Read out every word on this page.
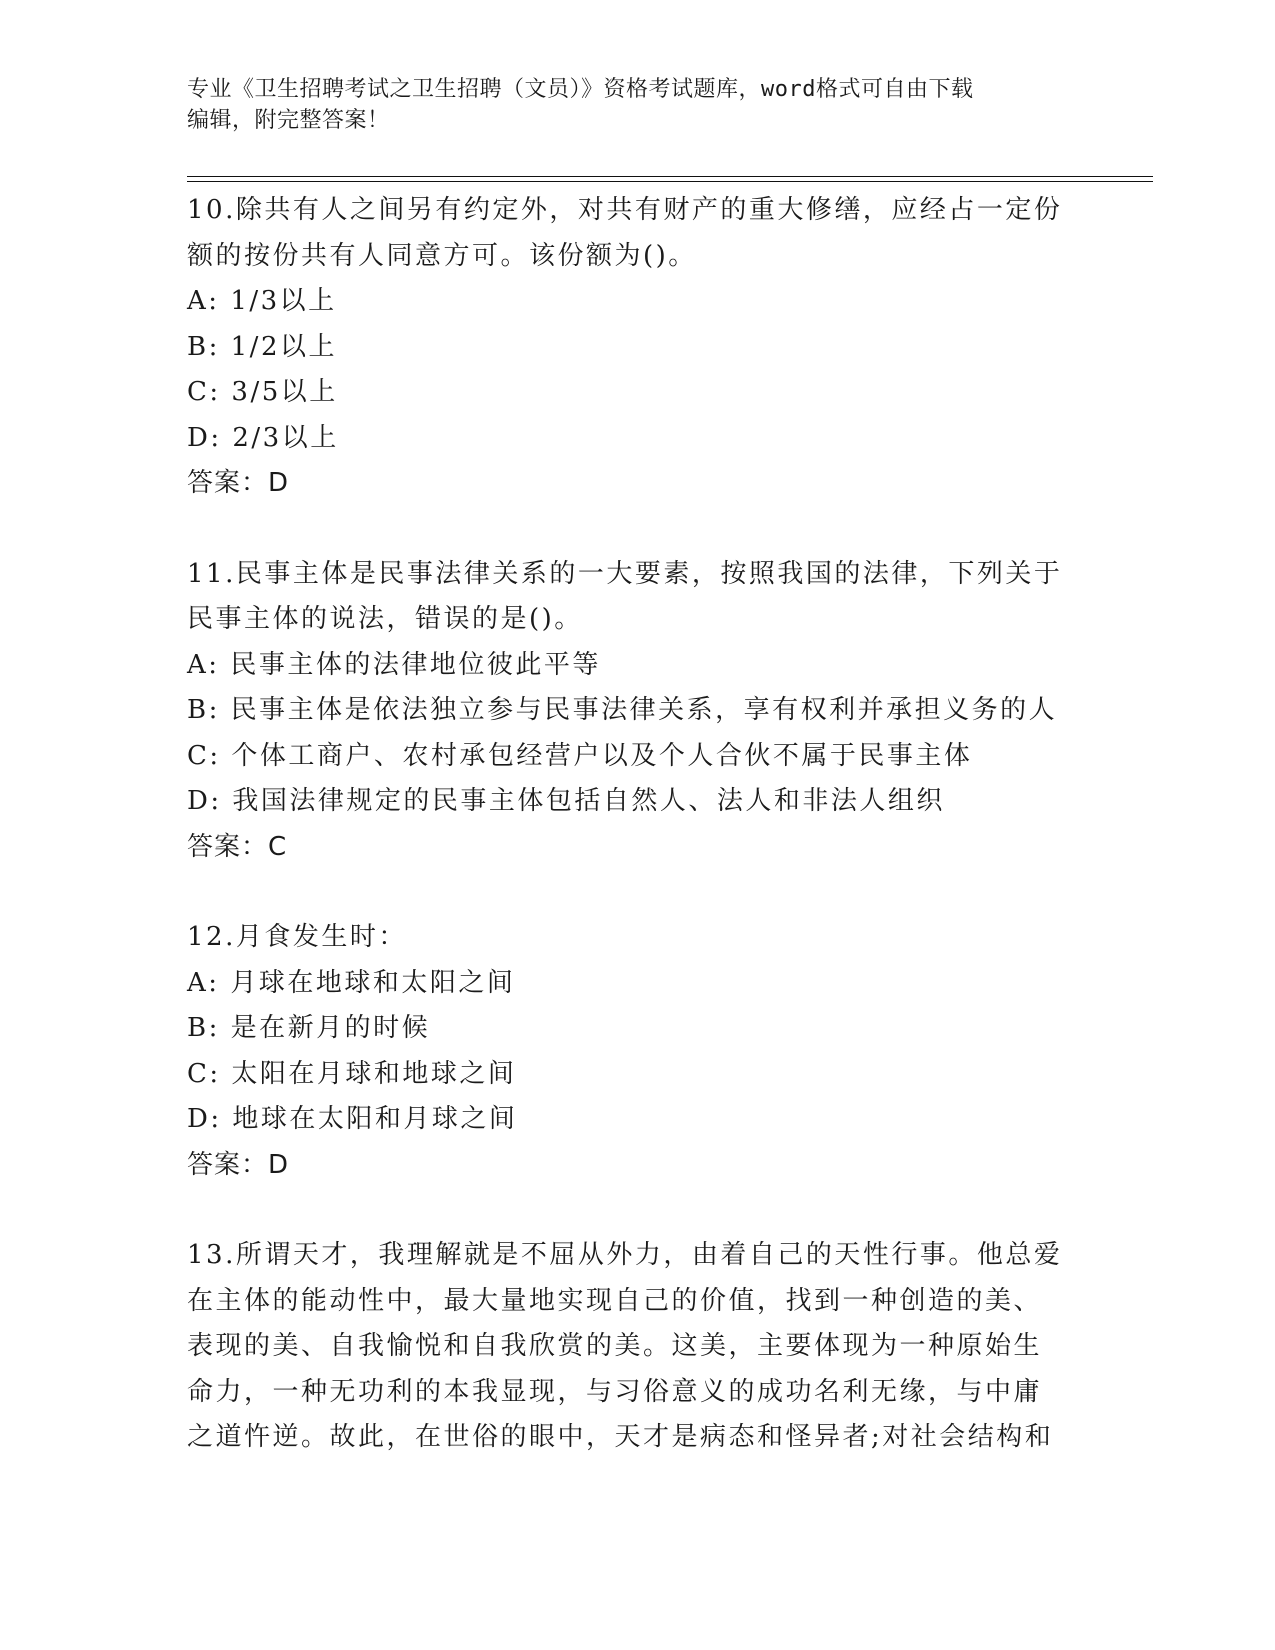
专业《卫生招聘考试之卫生招聘（文员）》资格考试题库，word格式可自由下载
编辑，附完整答案！
10.除共有人之间另有约定外，对共有财产的重大修缮，应经占一定份
额的按份共有人同意方可。该份额为()。
A: 1/3以上
B: 1/2以上
C: 3/5以上
D: 2/3以上
答案：D
11.民事主体是民事法律关系的一大要素，按照我国的法律，下列关于
民事主体的说法，错误的是()。
A: 民事主体的法律地位彼此平等
B: 民事主体是依法独立参与民事法律关系，享有权利并承担义务的人
C: 个体工商户、农村承包经营户以及个人合伙不属于民事主体
D: 我国法律规定的民事主体包括自然人、法人和非法人组织
答案：C
12.月食发生时：
A: 月球在地球和太阳之间
B: 是在新月的时候
C: 太阳在月球和地球之间
D: 地球在太阳和月球之间
答案：D
13.所谓天才，我理解就是不屈从外力，由着自己的天性行事。他总爱
在主体的能动性中，最大量地实现自己的价值，找到一种创造的美、
表现的美、自我愉悦和自我欣赏的美。这美，主要体现为一种原始生
命力，一种无功利的本我显现，与习俗意义的成功名利无缘，与中庸
之道忤逆。故此，在世俗的眼中，天才是病态和怪异者;对社会结构和
